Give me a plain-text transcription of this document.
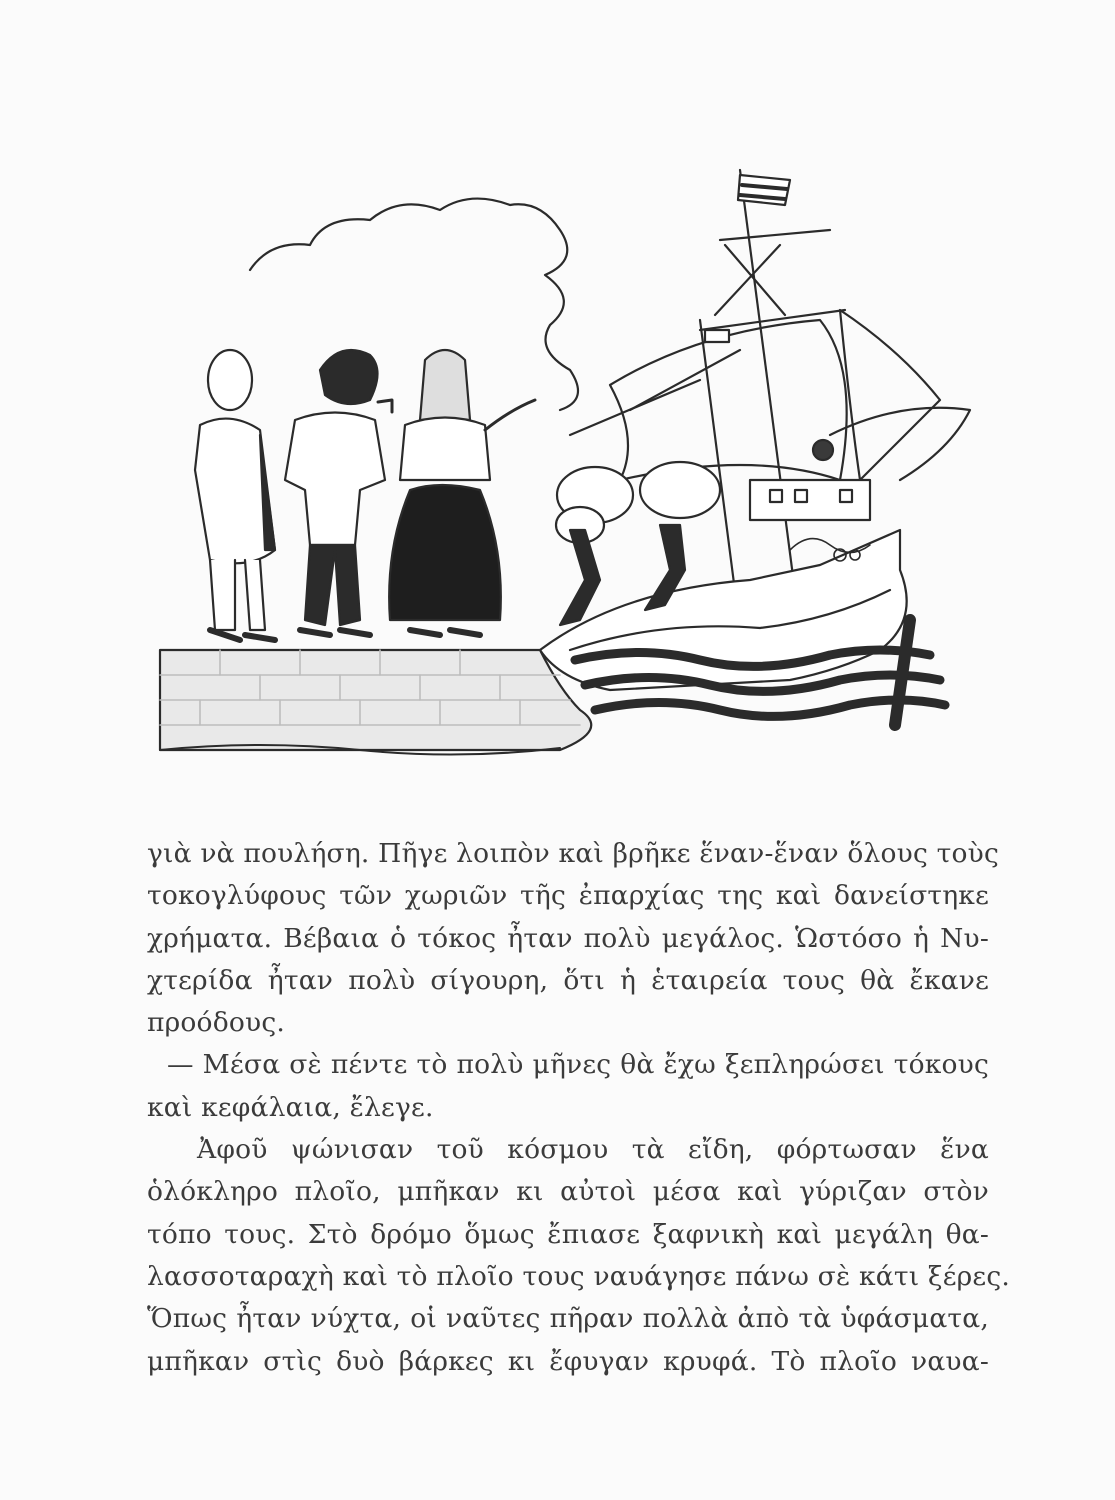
γιὰ νὰ πουλήση. Πῆγε λοιπὸν καὶ βρῆκε ἕναν-ἕναν ὅλους τοὺς
τοκογλύφους τῶν χωριῶν τῆς ἐπαρχίας της καὶ δανείστηκε
χρήματα. Βέβαια ὁ τόκος ἦταν πολὺ μεγάλος. Ὡστόσο ἡ Νυ-
χτερίδα ἦταν πολὺ σίγουρη, ὅτι ἡ ἑταιρεία τους θὰ ἔκανε
προόδους.
— Μέσα σὲ πέντε τὸ πολὺ μῆνες θὰ ἔχω ξεπληρώσει τόκους
καὶ κεφάλαια, ἔλεγε.
Ἀφοῦ ψώνισαν τοῦ κόσμου τὰ εἴδη, φόρτωσαν ἕνα
ὁλόκληρο πλοῖο, μπῆκαν κι αὐτοὶ μέσα καὶ γύριζαν στὸν
τόπο τους. Στὸ δρόμο ὅμως ἔπιασε ξαφνικὴ καὶ μεγάλη θα-
λασσοταραχὴ καὶ τὸ πλοῖο τους ναυάγησε πάνω σὲ κάτι ξέρες.
Ὅπως ἦταν νύχτα, οἱ ναῦτες πῆραν πολλὰ ἀπὸ τὰ ὑφάσματα,
μπῆκαν στὶς δυὸ βάρκες κι ἔφυγαν κρυφά. Τὸ πλοῖο ναυα-
